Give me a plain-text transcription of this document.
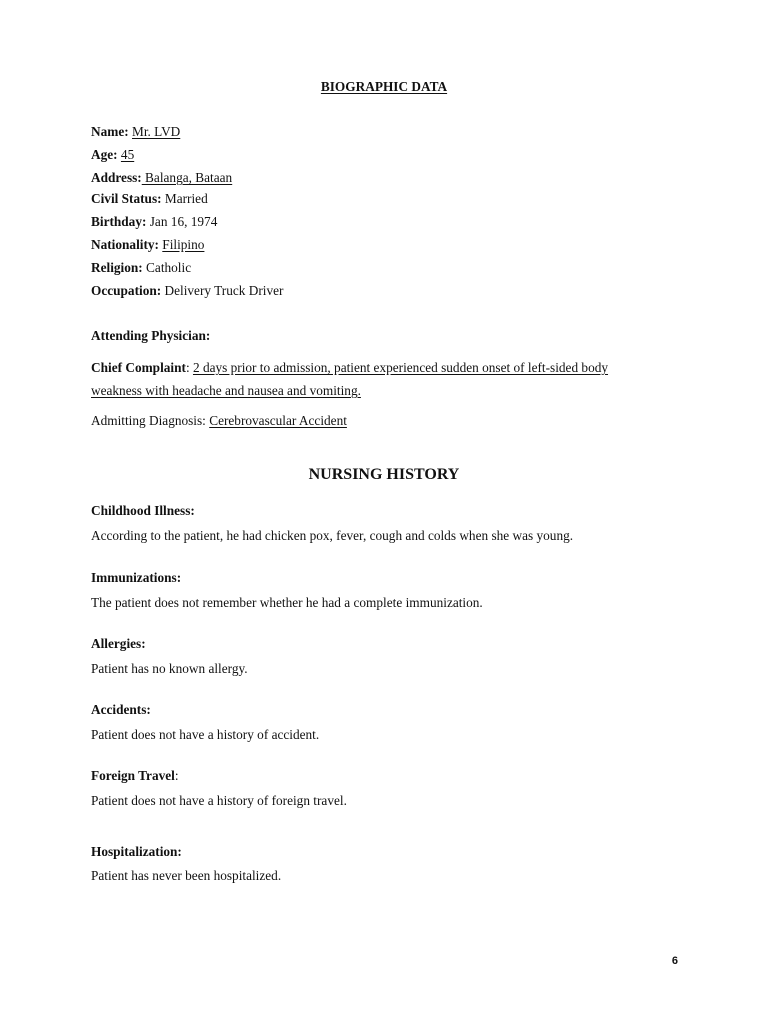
BIOGRAPHIC DATA
Name: Mr. LVD
Age: 45
Address: Balanga, Bataan
Civil Status: Married
Birthday: Jan 16, 1974
Nationality: Filipino
Religion: Catholic
Occupation: Delivery Truck Driver
Attending Physician:
Chief Complaint: 2 days prior to admission, patient experienced sudden onset of left-sided body
weakness with headache and nausea and vomiting.
Admitting Diagnosis: Cerebrovascular Accident
NURSING HISTORY
Childhood Illness:
According to the patient, he had chicken pox, fever, cough and colds when she was young.
Immunizations:
The patient does not remember whether he had a complete immunization.
Allergies:
Patient has no known allergy.
Accidents:
Patient does not have a history of accident.
Foreign Travel:
Patient does not have a history of foreign travel.
Hospitalization:
Patient has never been hospitalized.
6
